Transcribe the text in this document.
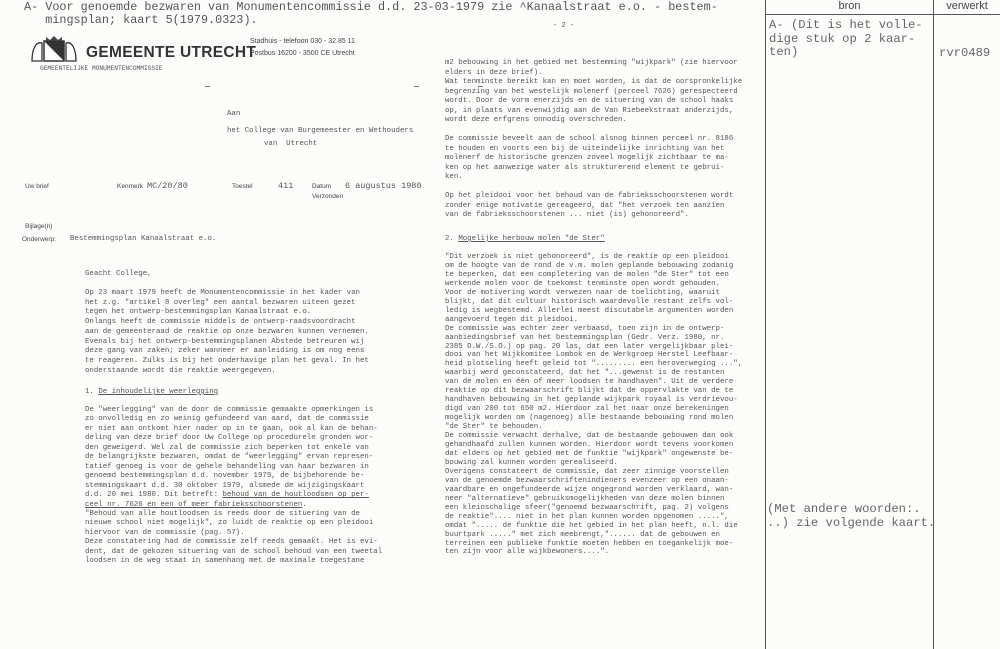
A- Voor genoemde bezwaren van Monumentencommissie d.d. 23-03-1979 zie ^Kanaalstraat e.o. - bestem-
mingsplan; kaart 5(1979.0323).
GEMEENTE UTRECHT
Stadhuis - telefoon 030 - 32 85 11
Postbus 16200 - 3500 CE Utrecht
GEMEENTELIJKE MONUMENTENCOMMISSIE
Aan
het College van Burgemeester en Wethouders
van  Utrecht
Uw brief	Kenmerk MC/20/80	Toestel	411	Datum 6 augustus 1980
Verzonden
Bijlage(n)
Onderwerp: Bestemmingsplan Kanaalstraat e.o.
Geacht College,
Op 23 maart 1979 heeft de Monumentencommissie in het kader van
het z.g. "artikel 8 overleg" een aantal bezwaren uiteen gezet
tegen het ontwerp-bestemmingsplan Kanaalstraat e.o.
Onlangs heeft de commissie middels de ontwerp-raadsvoordracht
aan de gemeenteraad de reaktie op onze bezwaren kunnen vernemen.
Evenals bij het ontwerp-bestemmingsplanen Abstede betreuren wij
deze gang van zaken; zeker wanneer er aanleiding is om nog eens
te reageren. Zulks is bij het onderhavige plan het geval. In het
onderstaande wordt die reaktie weergegeven.
1. De inhoudelijke weerlegging
De "weerlegging" van de door de commissie gemaakte opmerkingen is
zo onvolledig en zo weinig gefundeerd van aard, dat de commissie
er niet aan ontkomt hier nader op in te gaan, ook al kan de behan-
deling van deze brief door Uw College op procedurele gronden wor-
den geweigerd. Wel zal de commissie zich beperken tot enkele van
de belangrijkste bezwaren, omdat de "weerlegging" ervan represen-
tatief genoeg is voor de gehele behandeling van haar bezwaren in
genoemd bestemmingsplan d.d. november 1979, de bijbehorende be-
stemmingskaart d.d. 30 oktober 1979, alsmede de wijzigingskaart
d.d. 20 mei 1980. Dit betreft: behoud van de houtloodsen op per-
ceel nr. 7626 en een of meer fabrieksschoorstenen.
"Behoud van alle houtloodsen is reeds door de situering van de
nieuwe school niet mogelijk", zo luidt de reaktie op een pleidooi
hiervoor van de commissie (pag. 57).
Deze constatering had de commissie zelf reeds gemaakt. Het is evi-
dent, dat de gekozen situering van de school behoud van een tweetal
loodsen in de weg staat in samenhang met de maximale toegestane
- 2 -
m2 bebouwing in het gebied met bestemming "wijkpark" (zie hiervoor
elders in deze brief).
Wat tenminste bereikt kan en moet worden, is dat de oorspronkelijke
begrenzing van het westelijk molenerf (perceel 7626) gerespecteerd
wordt. Door de vorm enerzijds en de situering van de school haaks
op, in plaats van evenwijdig aan de Van Riebeekstraat anderzijds,
wordt deze erfgrens onnodig overschreden.

De commissie beveelt aan de school alsnog binnen perceel nr. 8186
te houden en voorts een bij de uiteindelijke inrichting van het
molenerf de historische grenzen zoveel mogelijk zichtbaar te ma-
ken op het aanwezige water als strukturerend element te gebrui-
ken.

Op het pleidooi voor het behoud van de fabrieksschoorstenen wordt
zonder enige motivatie gereageerd, dat "het verzoek ten aanzien
van de fabrieksschoorstenen ... niet (is) gehonoreerd".
2. Mogelijke herbouw molen "de Ster"
"Dit verzoek is niet gehonoreerd", is de reaktie op een pleidooi
om de hoogte van de rond de v.m. molen geplande bebouwing zodanig
te beperken, dat een completering van de molen "de Ster" tot een
werkende molen voor de toekomst tenminste open wordt gehouden.
Voor de motivering wordt verwezen naar de toelichting, waaruit
blijkt, dat dit cultuur historisch waardevolle restant zelfs vol-
ledig is wegbestemd. Allerlei meest discutabele argumenten worden
aangevoerd tegen dit pleidooi.
De commissie was echter zeer verbaasd, toen zijn in de ontwerp-
aanbiedingsbrief van het bestemmingsplan (Gedr. Verz. 1980, nr.
2385 O.W./S.O.) op pag. 20 las, dat een later vergelijkbaar plei-
dooi van het Wijkkomitee Lombok en de Werkgroep Herstel Leefbaar-
heid plotseling heeft geleid tot "......... een heroverweging ...",
waarbij werd geconstateerd, dat het "...gewenst is de restanten
van de molen en één of meer loodsen te handhaven". Uit de verdere
reaktie op dit bezwaarschrift blijkt dat de oppervlakte van de te
handhaven bebouwing in het geplande wijkpark royaal is verdrievou-
digd van 200 tot 650 m2. Hierdoor zal het naar onze berekeningen
mogelijk worden om (nagenoeg) alle bestaande bebouwing rond molen
"de Ster" te behouden.
De commissie verwacht derhalve, dat de bestaande gebouwen dan ook
gehandhaafd zullen kunnen worden. Hierdoor wordt tevens voorkomen
dat elders op het gebied met de funktie "wijkpark" ongewenste be-
bouwing zal kunnen worden gerealiseerd.
Overigens constateert de commissie, dat zeer zinnige voorstellen
van de genoemde bezwaarschriftenindieners evenzeer op een onaan-
vaardbare en ongefundeerde wijze ongegrond worden verklaard, wan-
neer "alternatieve" gebruiksmogelijkheden van deze molen binnen
een kleinschalige sfeer("genoemd bezwaarschrift, pag. 2) volgens
de reaktie".... niet in het plan kunnen worden opgenomen .....",
omdat "..... de funktie die het gebied in het plan heeft, n.l. die
buurtpark ....." met zich meebrengt,"...... dat de gebouwen en
terreinen een publieke funktie moeten hebben en toegankelijk moe-
ten zijn voor alle wijkbewoners....".
bron	verwerkt
A- (Dit is het volle-
dige stuk op 2 kaar-
ten)	rvr0489
(Met andere woorden:.
..) zie volgende kaart.
